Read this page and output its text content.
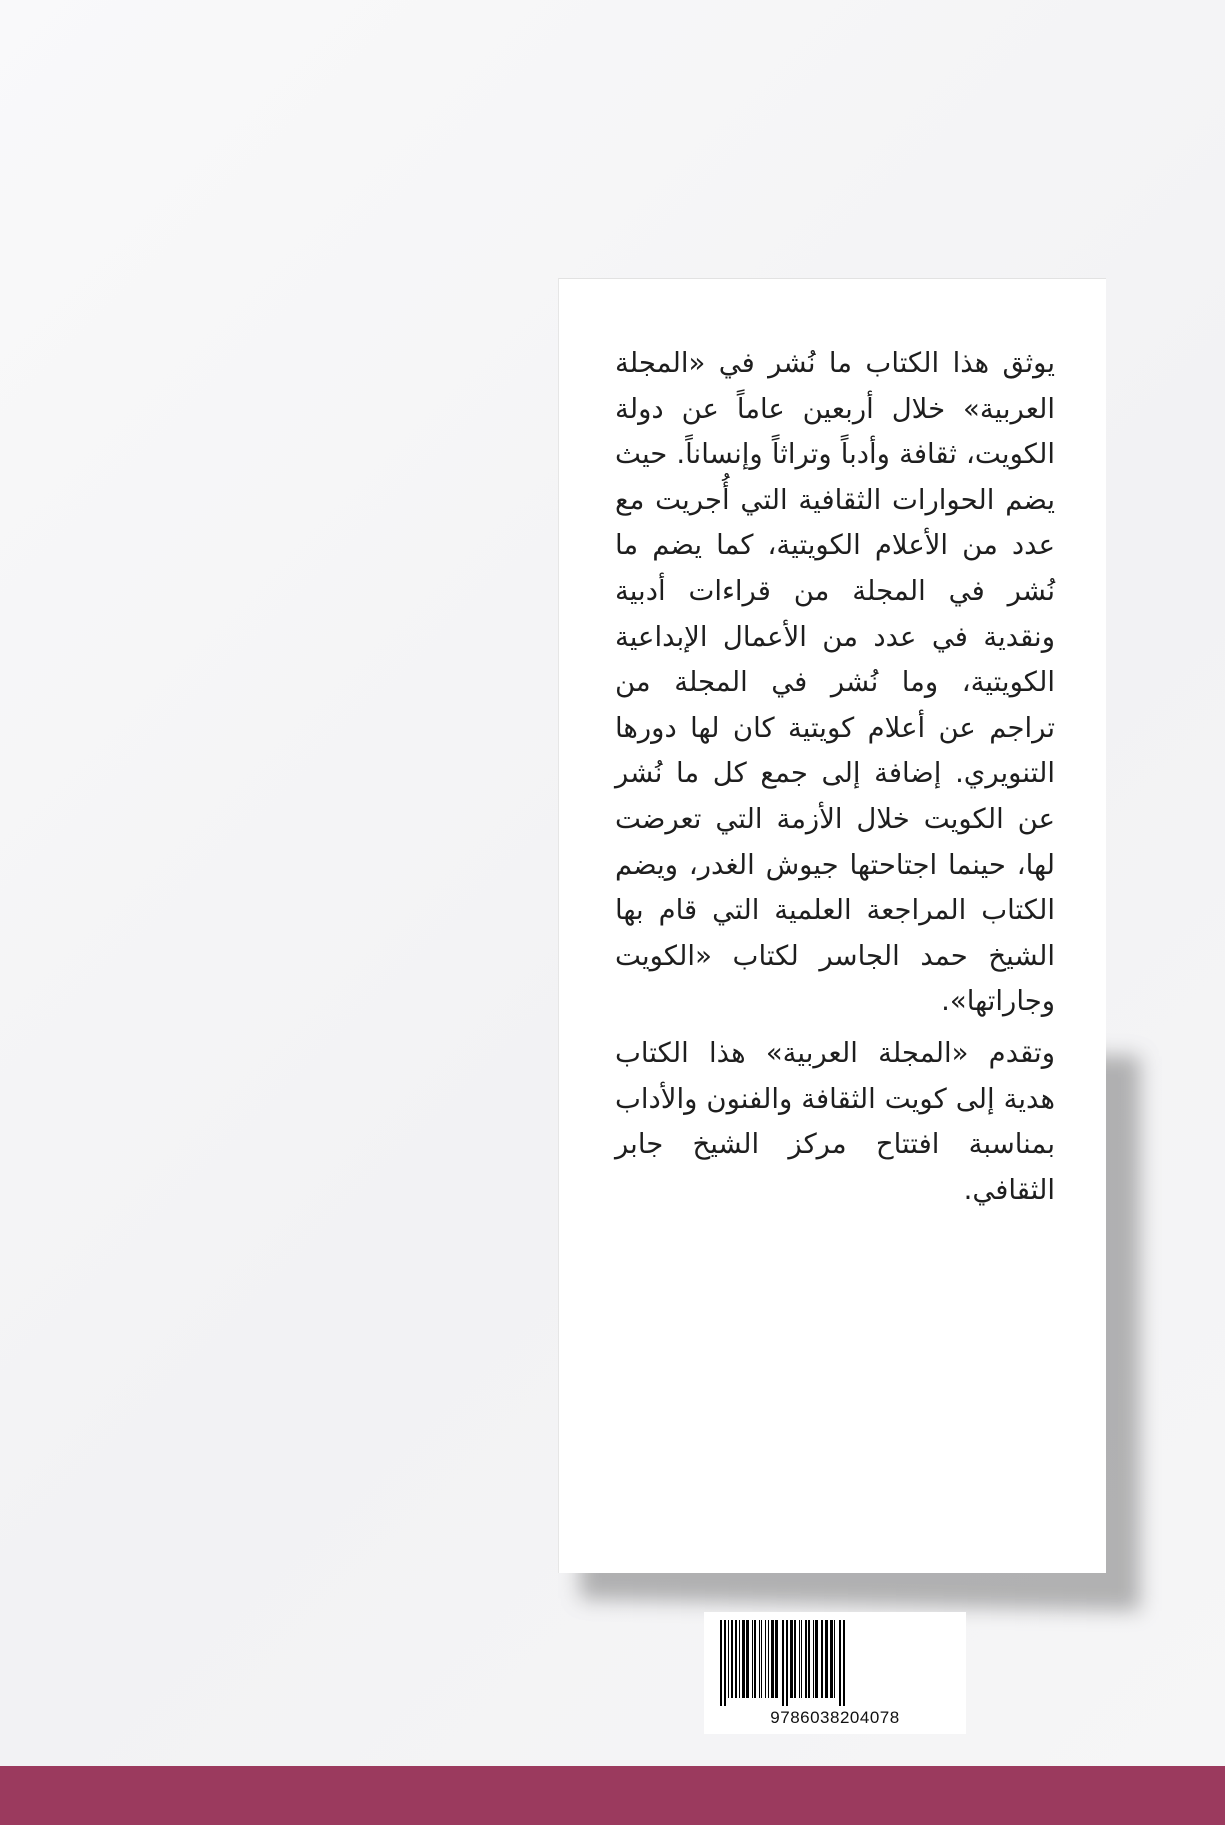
يوثق هذا الكتاب ما نُشر في «المجلة العربية» خلال أربعين عاماً عن دولة الكويت، ثقافة وأدباً وتراثاً وإنساناً. حيث يضم الحوارات الثقافية التي أُجريت مع عدد من الأعلام الكويتية، كما يضم ما نُشر في المجلة من قراءات أدبية ونقدية في عدد من الأعمال الإبداعية الكويتية، وما نُشر في المجلة من تراجم عن أعلام كويتية كان لها دورها التنويري. إضافة إلى جمع كل ما نُشر عن الكويت خلال الأزمة التي تعرضت لها، حينما اجتاحتها جيوش الغدر، ويضم الكتاب المراجعة العلمية التي قام بها الشيخ حمد الجاسر لكتاب «الكويت وجاراتها».

وتقدم «المجلة العربية» هذا الكتاب هدية إلى كويت الثقافة والفنون والأداب بمناسبة افتتاح مركز الشيخ جابر الثقافي.

9786038204078
